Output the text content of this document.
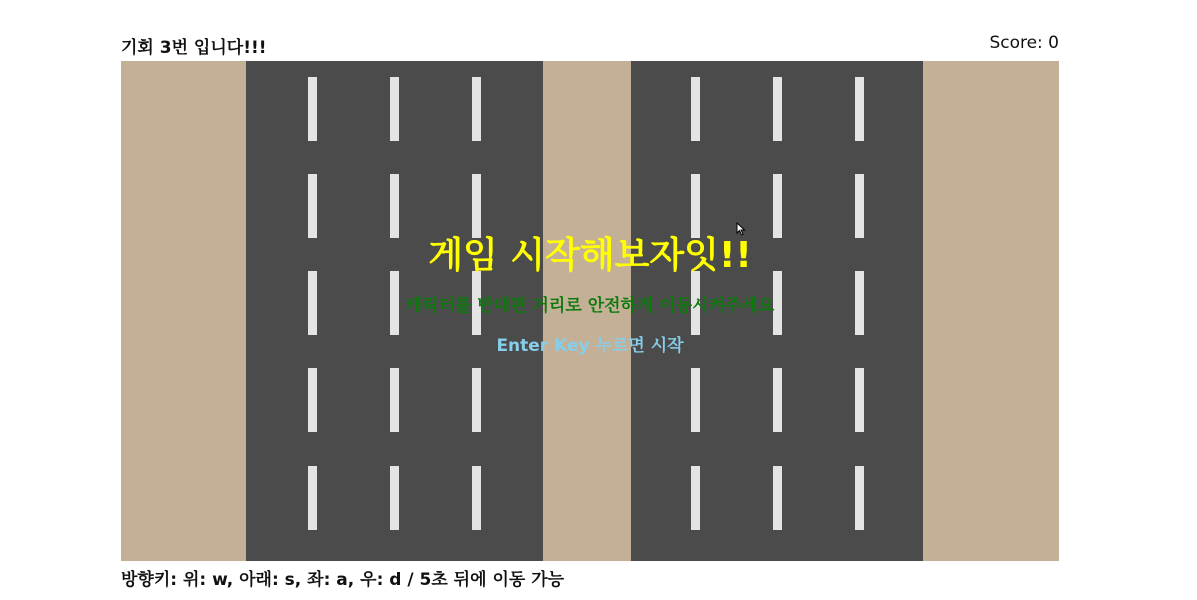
기회 3번 입니다!!!	Score: 0
게임 시작해보자잇!!
캐릭터를 반대편 거리로 안전하게 이동시켜주세요
Enter Key 누르면 시작
방향키: 위: w, 아래: s, 좌: a, 우: d / 5초 뒤에 이동 가능
